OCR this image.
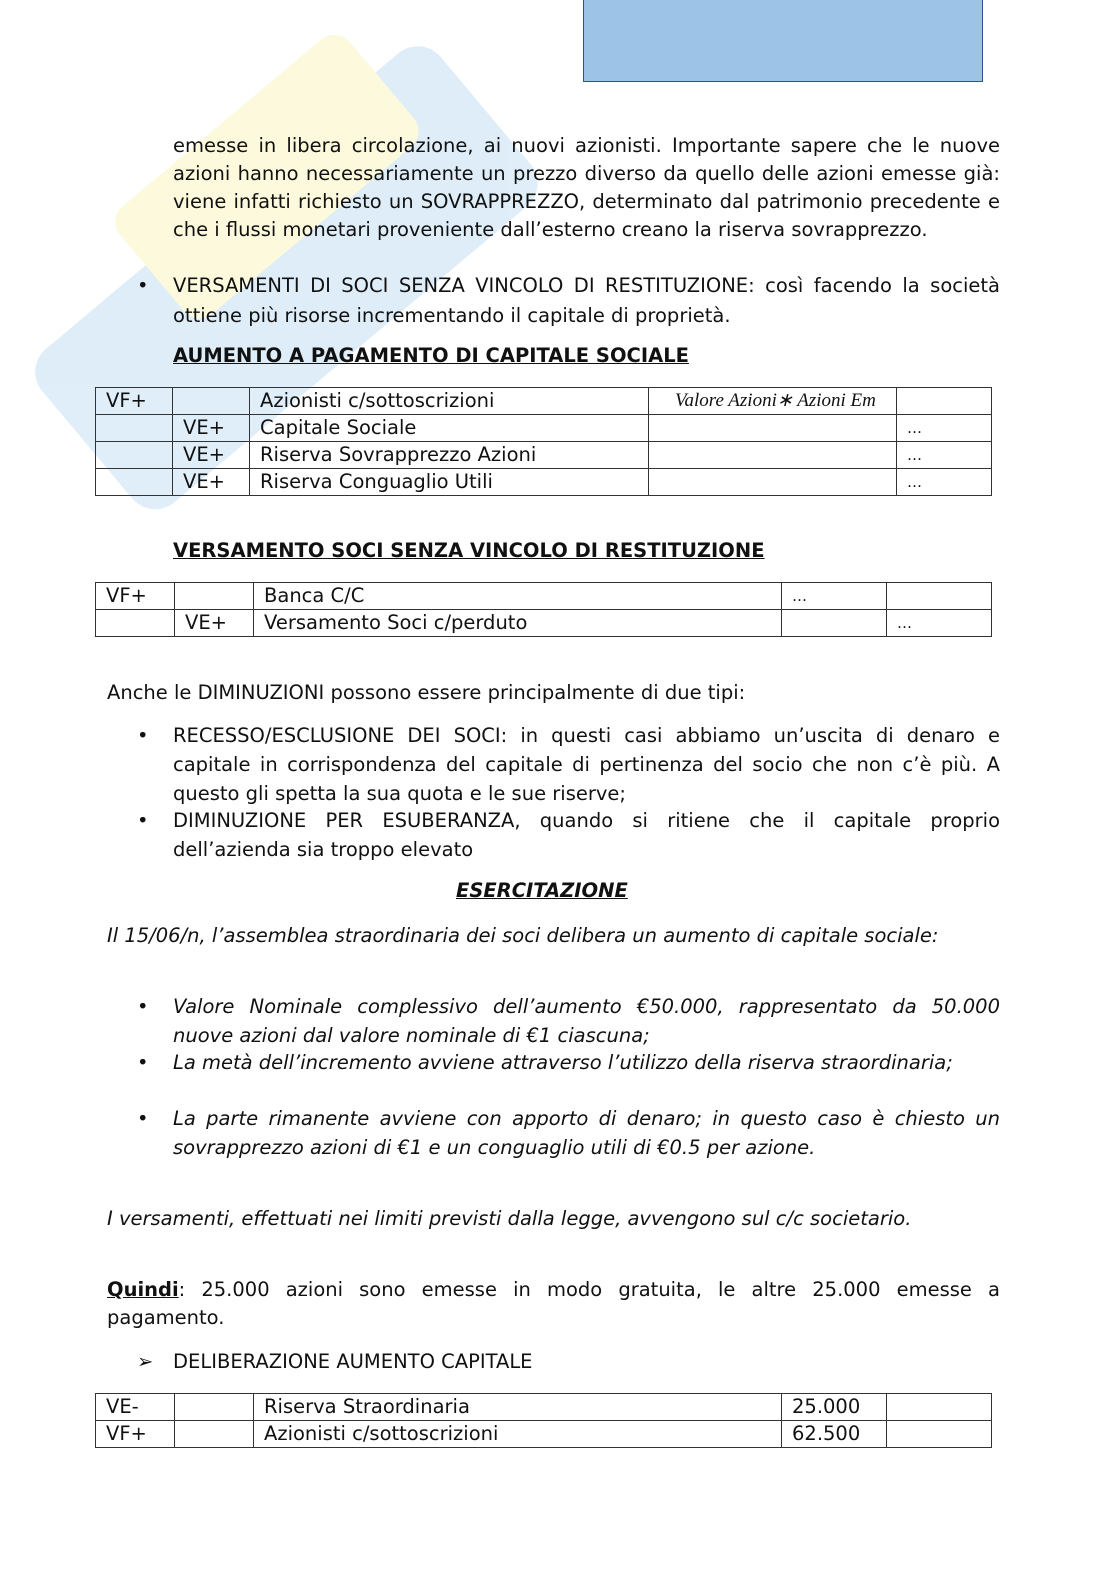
emesse in libera circolazione, ai nuovi azionisti. Importante sapere che le nuove azioni hanno necessariamente un prezzo diverso da quello delle azioni emesse già: viene infatti richiesto un SOVRAPPREZZO, determinato dal patrimonio precedente e che i flussi monetari proveniente dall’esterno creano la riserva sovrapprezzo.
• VERSAMENTI DI SOCI SENZA VINCOLO DI RESTITUZIONE: così facendo la società ottiene più risorse incrementando il capitale di proprietà.
AUMENTO A PAGAMENTO DI CAPITALE SOCIALE
VF+		Azionisti c/sottoscrizioni	Valore Azioni∗ Azioni Em	
	VE+	Capitale Sociale		…
	VE+	Riserva Sovrapprezzo Azioni		…
	VE+	Riserva Conguaglio Utili		…
VERSAMENTO SOCI SENZA VINCOLO DI RESTITUZIONE
VF+		Banca C/C	…	
	VE+	Versamento Soci c/perduto		…
Anche le DIMINUZIONI possono essere principalmente di due tipi:
• RECESSO/ESCLUSIONE DEI SOCI: in questi casi abbiamo un’uscita di denaro e capitale in corrispondenza del capitale di pertinenza del socio che non c’è più. A questo gli spetta la sua quota e le sue riserve;
• DIMINUZIONE PER ESUBERANZA, quando si ritiene che il capitale proprio dell’azienda sia troppo elevato
ESERCITAZIONE
Il 15/06/n, l’assemblea straordinaria dei soci delibera un aumento di capitale sociale:
• Valore Nominale complessivo dell’aumento €50.000, rappresentato da 50.000 nuove azioni dal valore nominale di €1 ciascuna;
• La metà dell’incremento avviene attraverso l’utilizzo della riserva straordinaria;
• La parte rimanente avviene con apporto di denaro; in questo caso è chiesto un sovrapprezzo azioni di €1 e un conguaglio utili di €0.5 per azione.
I versamenti, effettuati nei limiti previsti dalla legge, avvengono sul c/c societario.
Quindi: 25.000 azioni sono emesse in modo gratuita, le altre 25.000 emesse a pagamento.
➢ DELIBERAZIONE AUMENTO CAPITALE
VE-		Riserva Straordinaria	25.000	
VF+		Azionisti c/sottoscrizioni	62.500	
